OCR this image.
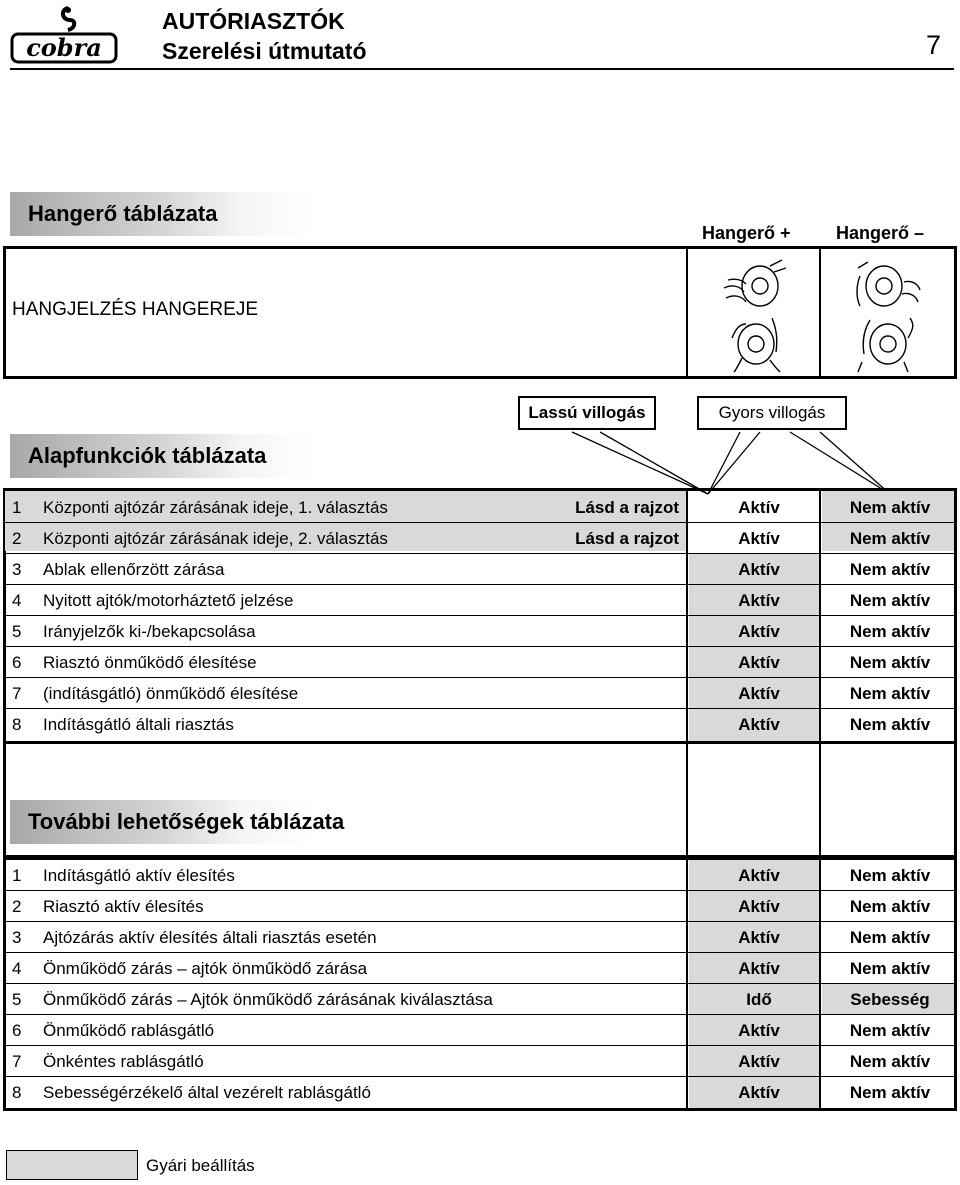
cobra
AUTÓRIASZTÓK
Szerelési útmutató	7
Hangerő táblázata
Hangerő +	Hangerő –
HANGJELZÉS HANGEREJE
Alapfunkciók táblázata
Lassú villogás	Gyors villogás
1	Központi ajtózár zárásának ideje, 1. választás	Lásd a rajzot	Aktív	Nem aktív
2	Központi ajtózár zárásának ideje, 2. választás	Lásd a rajzot	Aktív	Nem aktív
3	Ablak ellenőrzött zárása	Aktív	Nem aktív
4	Nyitott ajtók/motorháztető jelzése	Aktív	Nem aktív
5	Irányjelzők ki-/bekapcsolása	Aktív	Nem aktív
6	Riasztó önműködő élesítése	Aktív	Nem aktív
7	(indításgátló) önműködő élesítése	Aktív	Nem aktív
8	Indításgátló általi riasztás	Aktív	Nem aktív
További lehetőségek táblázata
1	Indításgátló aktív élesítés	Aktív	Nem aktív
2	Riasztó aktív élesítés	Aktív	Nem aktív
3	Ajtózárás aktív élesítés általi riasztás esetén	Aktív	Nem aktív
4	Önműködő zárás – ajtók önműködő zárása	Aktív	Nem aktív
5	Önműködő zárás – Ajtók önműködő zárásának kiválasztása	Idő	Sebesség
6	Önműködő rablásgátló	Aktív	Nem aktív
7	Önkéntes rablásgátló	Aktív	Nem aktív
8	Sebességérzékelő által vezérelt rablásgátló	Aktív	Nem aktív
Gyári beállítás
